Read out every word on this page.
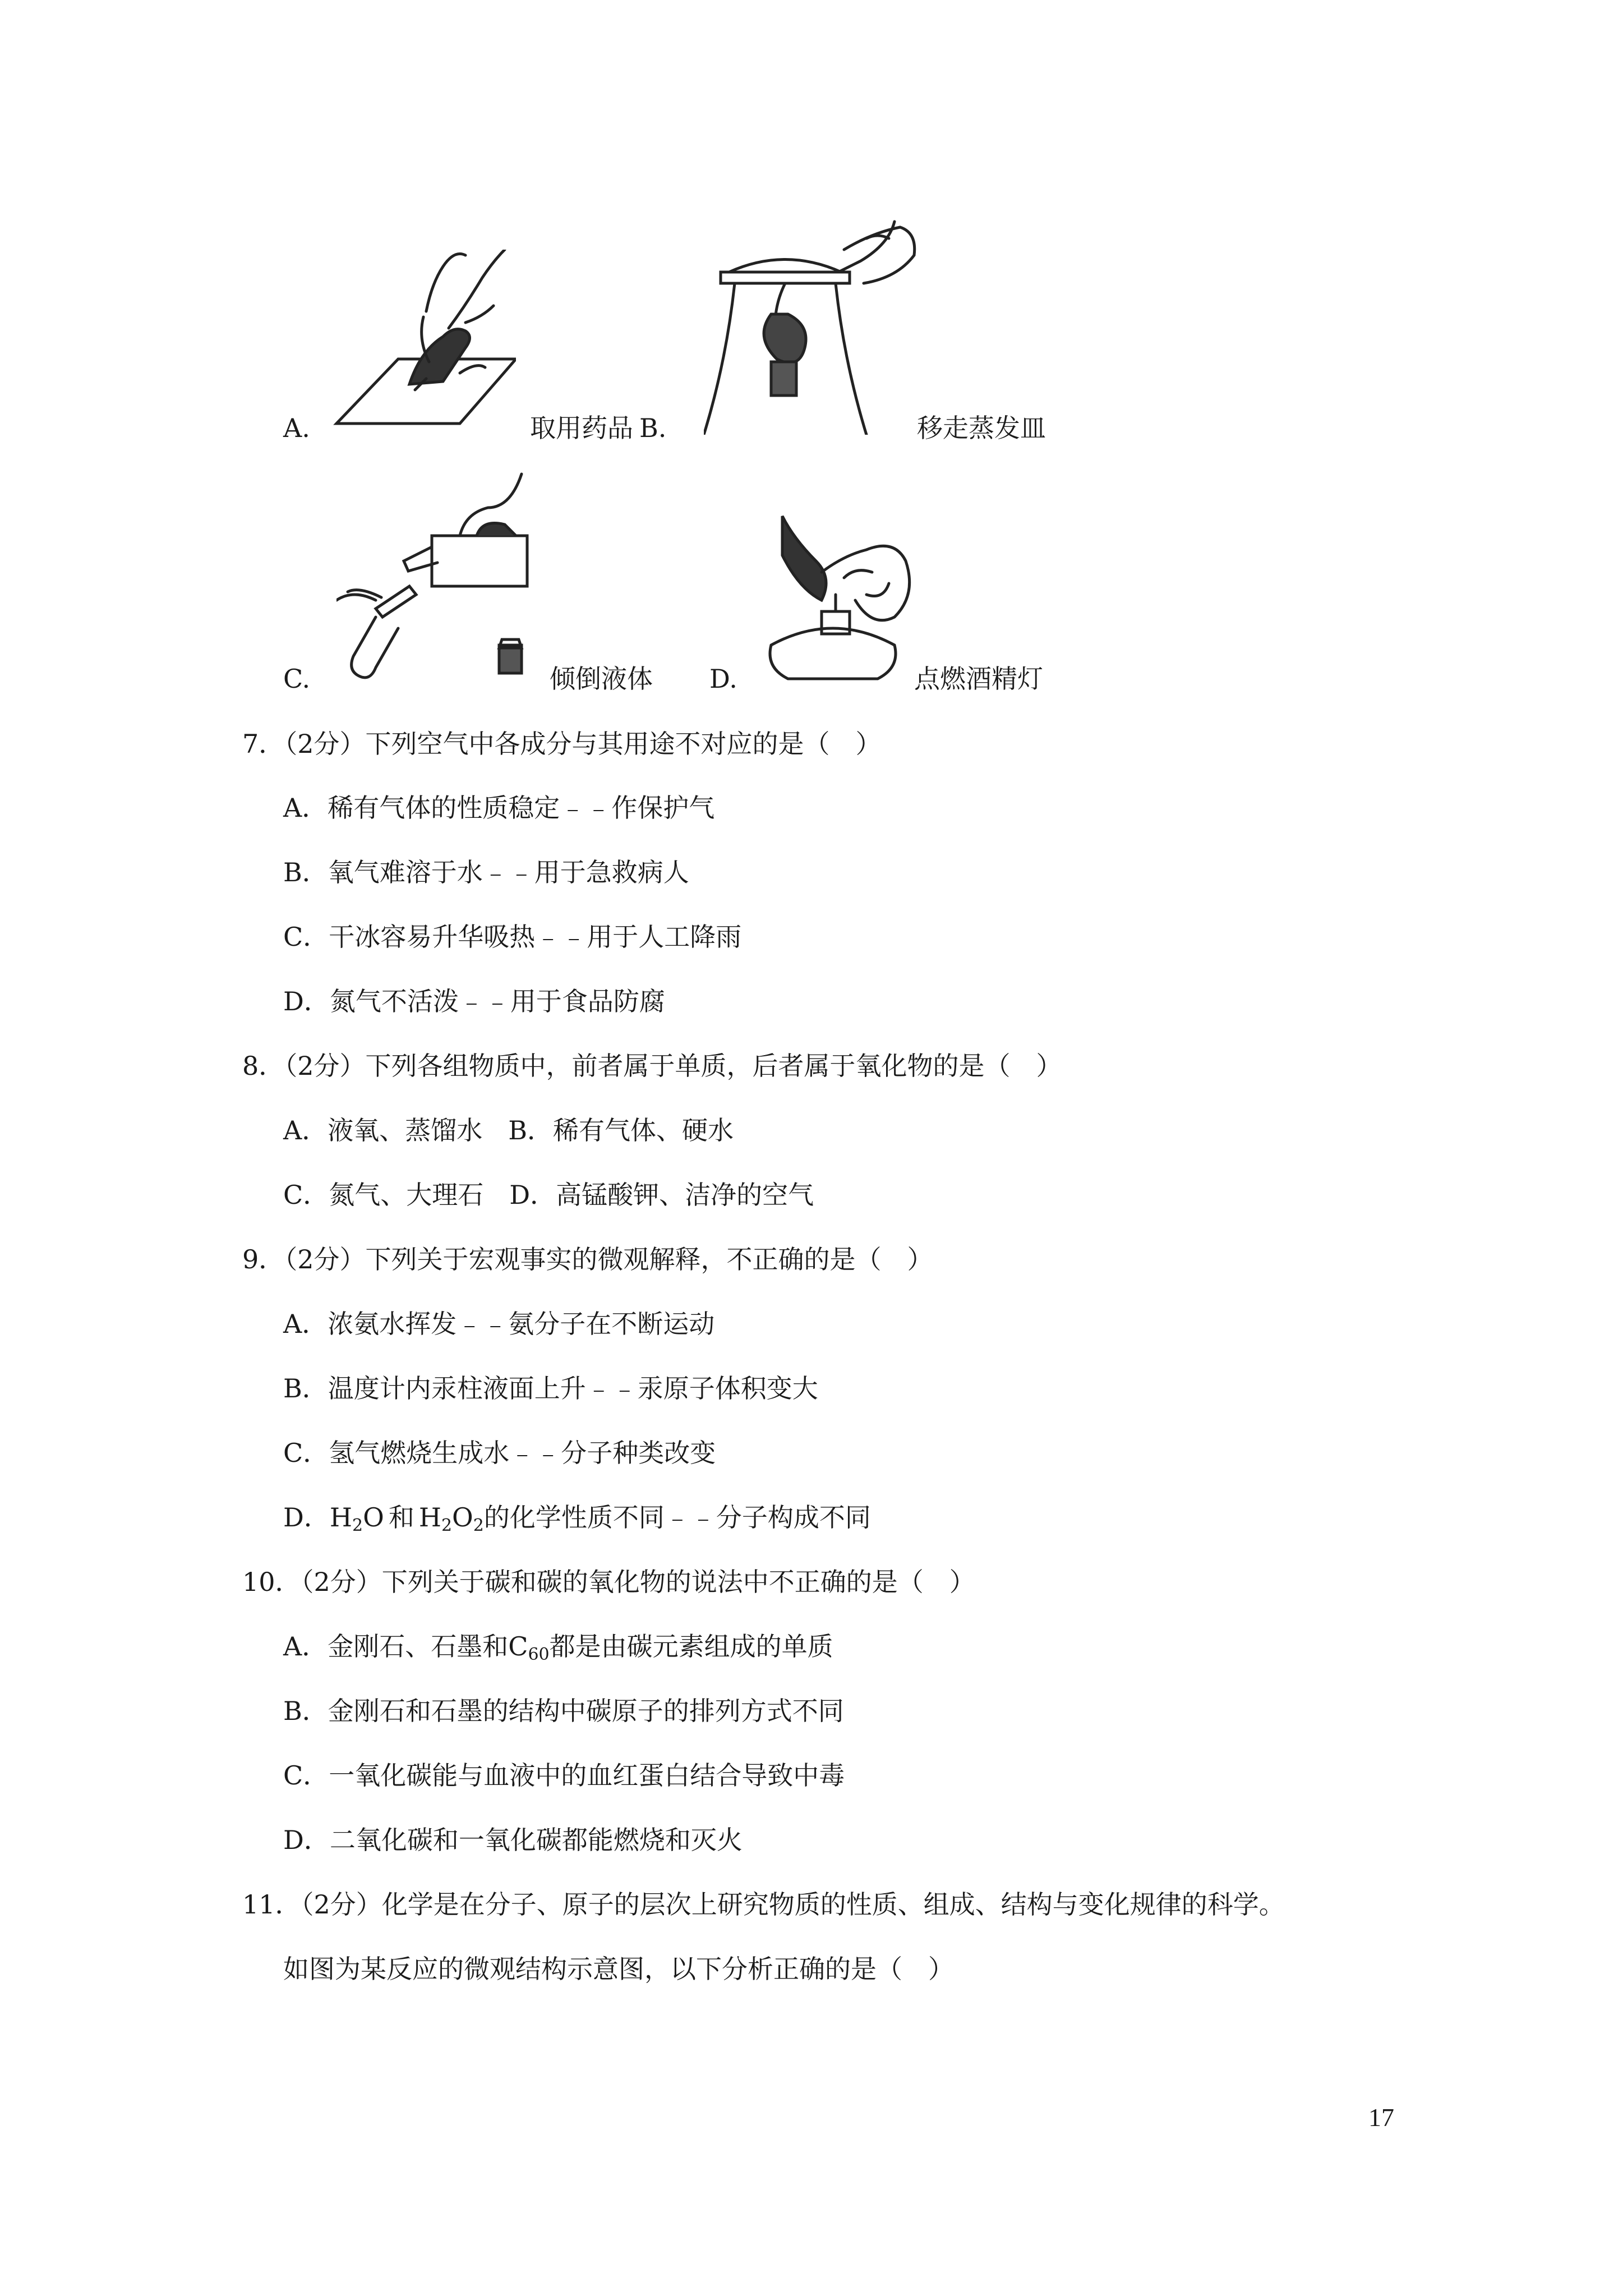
A.	取用药品 B.	移走蒸发皿
C.	倾倒液体 D.	点燃酒精灯
7．（2分）下列空气中各成分与其用途不对应的是（　）
A．稀有气体的性质稳定﹣﹣作保护气
B．氧气难溶于水﹣﹣用于急救病人
C．干冰容易升华吸热﹣﹣用于人工降雨
D．氮气不活泼﹣﹣用于食品防腐
8．（2分）下列各组物质中，前者属于单质，后者属于氧化物的是（　）
A．液氧、蒸馏水　B．稀有气体、硬水
C．氮气、大理石　D．高锰酸钾、洁净的空气
9．（2分）下列关于宏观事实的微观解释，不正确的是（　）
A．浓氨水挥发﹣﹣氨分子在不断运动
B．温度计内汞柱液面上升﹣﹣汞原子体积变大
C．氢气燃烧生成水﹣﹣分子种类改变
D．$H_2O$ 和 $H_2O_2$的化学性质不同﹣﹣分子构成不同
10．（2分）下列关于碳和碳的氧化物的说法中不正确的是（　）
A．金刚石、石墨和$C_{60}$都是由碳元素组成的单质
B．金刚石和石墨的结构中碳原子的排列方式不同
C．一氧化碳能与血液中的血红蛋白结合导致中毒
D．二氧化碳和一氧化碳都能燃烧和灭火
11．（2分）化学是在分子、原子的层次上研究物质的性质、组成、结构与变化规律的科学。
如图为某反应的微观结构示意图，以下分析正确的是（　）
17
